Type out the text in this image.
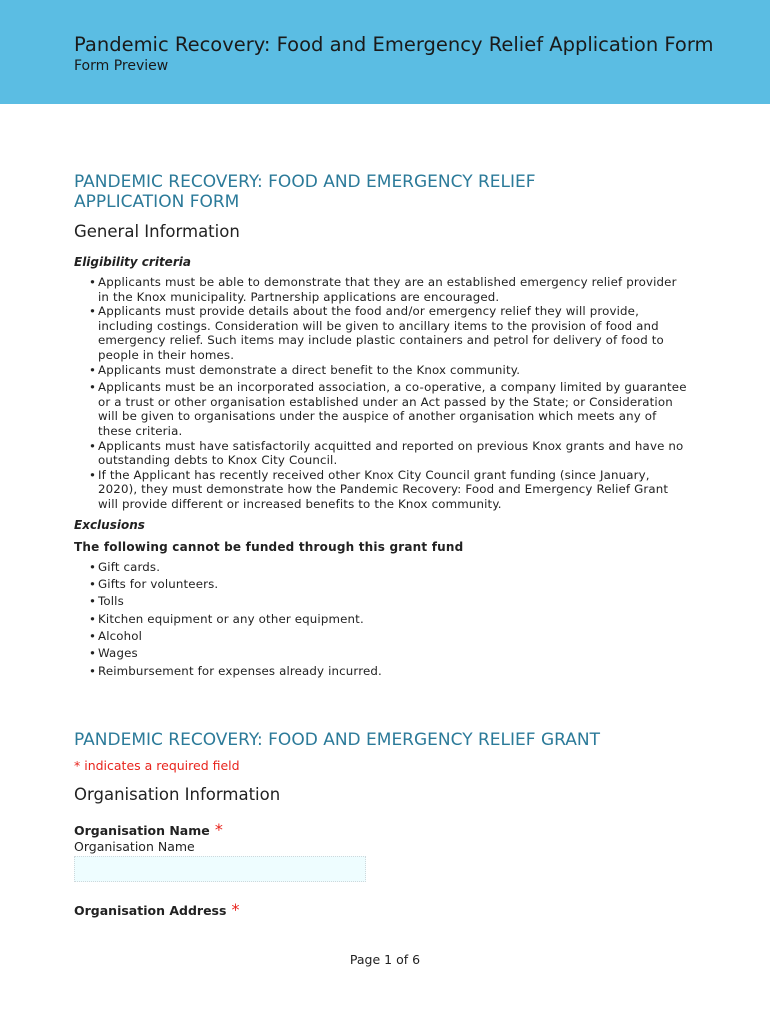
Pandemic Recovery: Food and Emergency Relief Application Form
Form Preview
PANDEMIC RECOVERY: FOOD AND EMERGENCY RELIEF APPLICATION FORM
General Information
Eligibility criteria
• Applicants must be able to demonstrate that they are an established emergency relief provider in the Knox municipality. Partnership applications are encouraged.
• Applicants must provide details about the food and/or emergency relief they will provide, including costings. Consideration will be given to ancillary items to the provision of food and emergency relief. Such items may include plastic containers and petrol for delivery of food to people in their homes.
• Applicants must demonstrate a direct benefit to the Knox community.
• Applicants must be an incorporated association, a co-operative, a company limited by guarantee or a trust or other organisation established under an Act passed by the State; or Consideration will be given to organisations under the auspice of another organisation which meets any of these criteria.
• Applicants must have satisfactorily acquitted and reported on previous Knox grants and have no outstanding debts to Knox City Council.
• If the Applicant has recently received other Knox City Council grant funding (since January, 2020), they must demonstrate how the Pandemic Recovery: Food and Emergency Relief Grant will provide different or increased benefits to the Knox community.
Exclusions
The following cannot be funded through this grant fund
• Gift cards.
• Gifts for volunteers.
• Tolls
• Kitchen equipment or any other equipment.
• Alcohol
• Wages
• Reimbursement for expenses already incurred.
PANDEMIC RECOVERY: FOOD AND EMERGENCY RELIEF GRANT
* indicates a required field
Organisation Information
Organisation Name *
Organisation Name
Organisation Address *
Page 1 of 6
